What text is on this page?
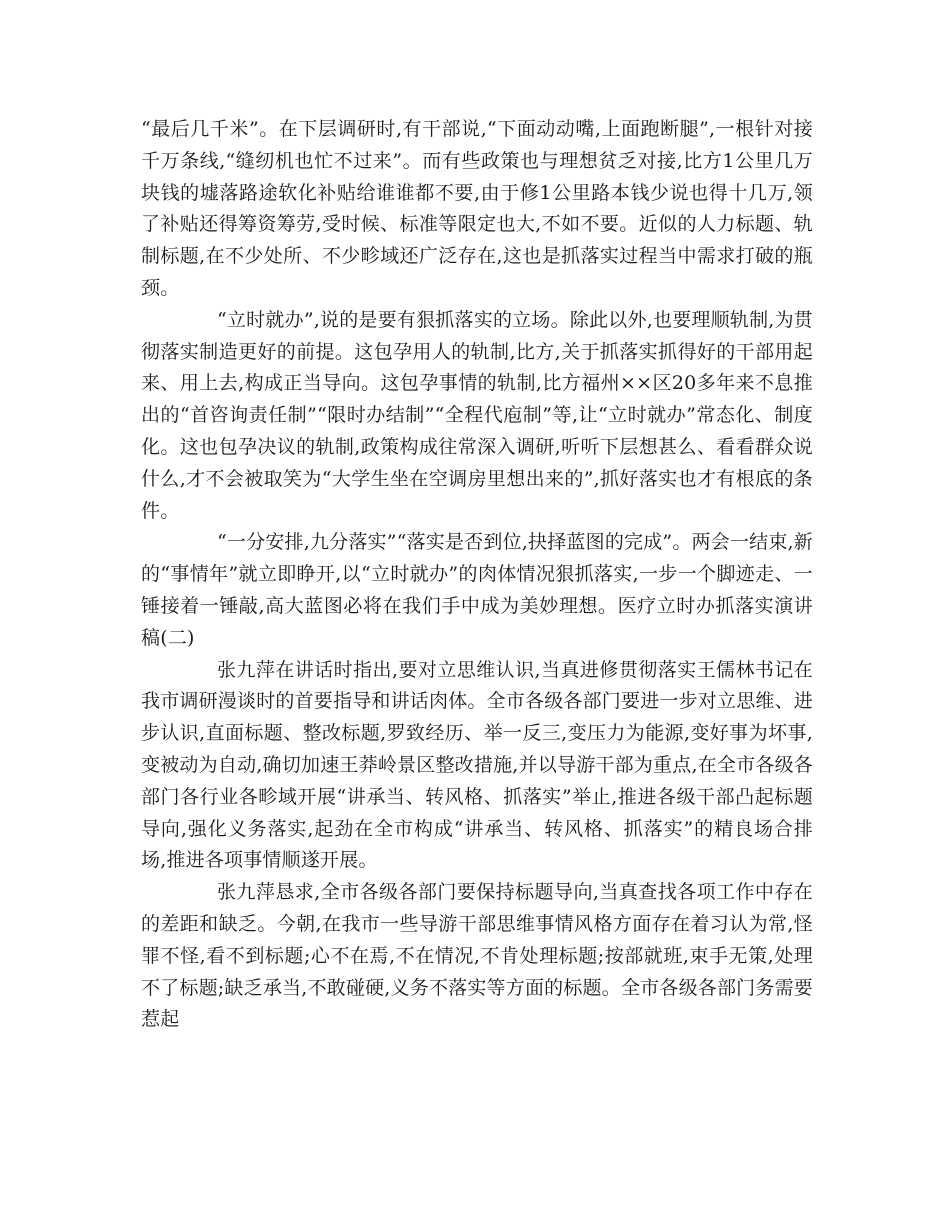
“最后几千米”。在下层调研时,有干部说,“下面动动嘴,上面跑断腿”,一根针对接千万条线,“缝纫机也忙不过来”。而有些政策也与理想贫乏对接,比方1公里几万块钱的墟落路途软化补贴给谁谁都不要,由于修1公里路本钱少说也得十几万,领了补贴还得筹资筹劳,受时候、标准等限定也大,不如不要。近似的人力标题、轨制标题,在不少处所、不少畛域还广泛存在,这也是抓落实过程当中需求打破的瓶颈。

“立时就办”,说的是要有狠抓落实的立场。除此以外,也要理顺轨制,为贯彻落实制造更好的前提。这包孕用人的轨制,比方,关于抓落实抓得好的干部用起来、用上去,构成正当导向。这包孕事情的轨制,比方福州××区20多年来不息推出的“首咨询责任制”“限时办结制”“全程代庖制”等,让“立时就办”常态化、制度化。这也包孕决议的轨制,政策构成往常深入调研,听听下层想甚么、看看群众说什么,才不会被取笑为“大学生坐在空调房里想出来的”,抓好落实也才有根底的条件。

“一分安排,九分落实”“落实是否到位,抉择蓝图的完成”。两会一结束,新的“事情年”就立即睁开,以“立时就办”的肉体情况狠抓落实,一步一个脚迹走、一锤接着一锤敲,高大蓝图必将在我们手中成为美妙理想。医疗立时办抓落实演讲稿(二)

张九萍在讲话时指出,要对立思维认识,当真进修贯彻落实王儒林书记在我市调研漫谈时的首要指导和讲话肉体。全市各级各部门要进一步对立思维、进步认识,直面标题、整改标题,罗致经历、举一反三,变压力为能源,变好事为坏事,变被动为自动,确切加速王莽岭景区整改措施,并以导游干部为重点,在全市各级各部门各行业各畛域开展“讲承当、转风格、抓落实”举止,推进各级干部凸起标题导向,强化义务落实,起劲在全市构成“讲承当、转风格、抓落实”的精良场合排场,推进各项事情顺遂开展。

张九萍恳求,全市各级各部门要保持标题导向,当真查找各项工作中存在的差距和缺乏。今朝,在我市一些导游干部思维事情风格方面存在着习认为常,怪罪不怪,看不到标题;心不在焉,不在情况,不肯处理标题;按部就班,束手无策,处理不了标题;缺乏承当,不敢碰硬,义务不落实等方面的标题。全市各级各部门务需要惹起
